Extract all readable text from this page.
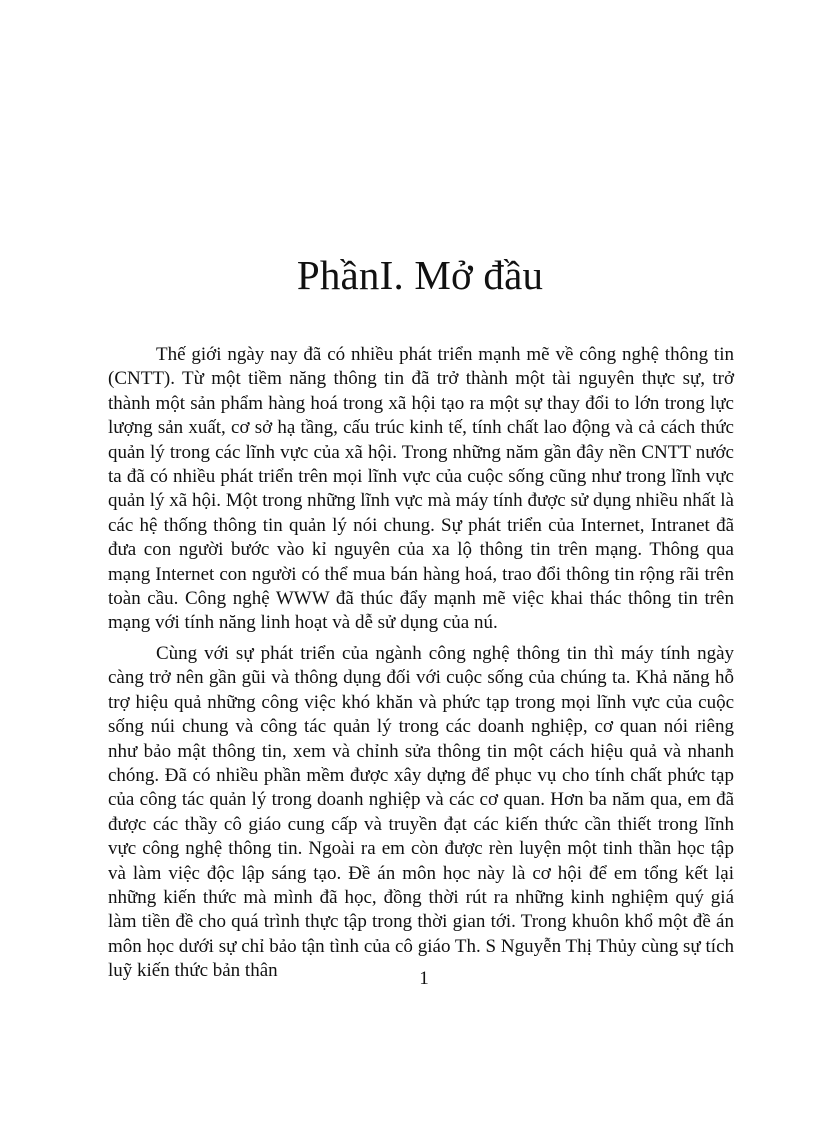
PhầnI. Mở đầu

Thế giới ngày nay đã có nhiều phát triển mạnh mẽ về công nghệ thông tin (CNTT). Từ một tiềm năng thông tin đã trở thành một tài nguyên thực sự, trở thành một sản phẩm hàng hoá trong xã hội tạo ra một sự thay đổi to lớn trong lực lượng sản xuất, cơ sở hạ tầng, cấu trúc kinh tế, tính chất lao động và cả cách thức quản lý trong các lĩnh vực của xã hội. Trong những năm gần đây nền CNTT nước ta đã có nhiều phát triển trên mọi lĩnh vực của cuộc sống cũng như trong lĩnh vực quản lý xã hội. Một trong những lĩnh vực mà máy tính được sử dụng nhiều nhất là các hệ thống thông tin quản lý nói chung. Sự phát triển của Internet, Intranet đã đưa con người bước vào kỉ nguyên của xa lộ thông tin trên mạng. Thông qua mạng Internet con người có thể mua bán hàng hoá, trao đổi thông tin rộng rãi trên toàn cầu. Công nghệ WWW đã thúc đẩy mạnh mẽ việc khai thác thông tin trên mạng với tính năng linh hoạt và dễ sử dụng của nú.

Cùng với sự phát triển của ngành công nghệ thông tin thì máy tính ngày càng trở nên gần gũi và thông dụng đối với cuộc sống của chúng ta. Khả năng hỗ trợ hiệu quả những công việc khó khăn và phức tạp trong mọi lĩnh vực của cuộc sống núi chung và công tác quản lý trong các doanh nghiệp, cơ quan nói riêng như bảo mật thông tin, xem và chỉnh sửa thông tin một cách hiệu quả và nhanh chóng. Đã có nhiều phần mềm được xây dựng để phục vụ cho tính chất phức tạp của công tác quản lý trong doanh nghiệp và các cơ quan. Hơn ba năm qua, em đã được các thầy cô giáo cung cấp và truyền đạt các kiến thức cần thiết trong lĩnh vực công nghệ thông tin. Ngoài ra em còn được rèn luyện một tinh thần học tập và làm việc độc lập sáng tạo. Đề án môn học này là cơ hội để em tổng kết lại những kiến thức mà mình đã học, đồng thời rút ra những kinh nghiệm quý giá làm tiền đề cho quá trình thực tập trong thời gian tới. Trong khuôn khổ một đề án môn học dưới sự chỉ bảo tận tình của cô giáo Th. S Nguyễn Thị Thủy cùng sự tích luỹ kiến thức bản thân	1
